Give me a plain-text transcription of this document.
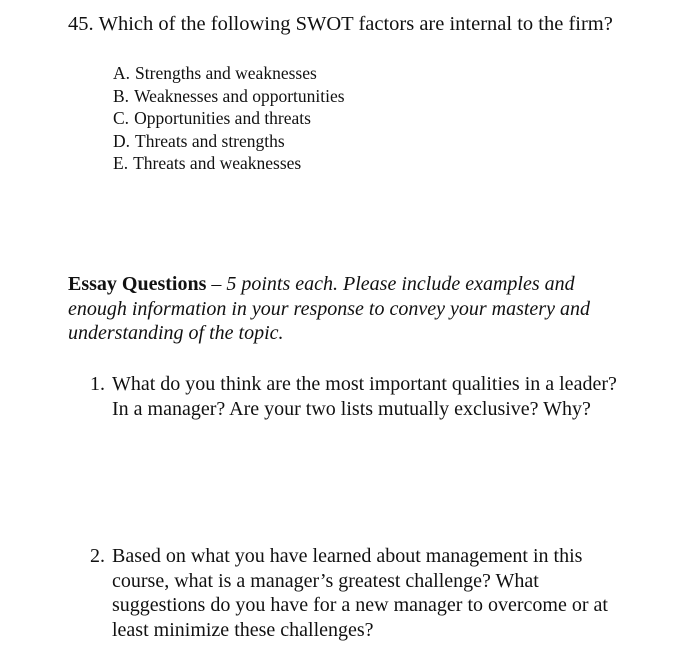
45. Which of the following SWOT factors are internal to the firm?
A. Strengths and weaknesses
B. Weaknesses and opportunities
C. Opportunities and threats
D. Threats and strengths
E. Threats and weaknesses
Essay Questions – 5 points each. Please include examples and enough information in your response to convey your mastery and understanding of the topic.
1. What do you think are the most important qualities in a leader? In a manager? Are your two lists mutually exclusive? Why?
2. Based on what you have learned about management in this course, what is a manager’s greatest challenge? What suggestions do you have for a new manager to overcome or at least minimize these challenges?
